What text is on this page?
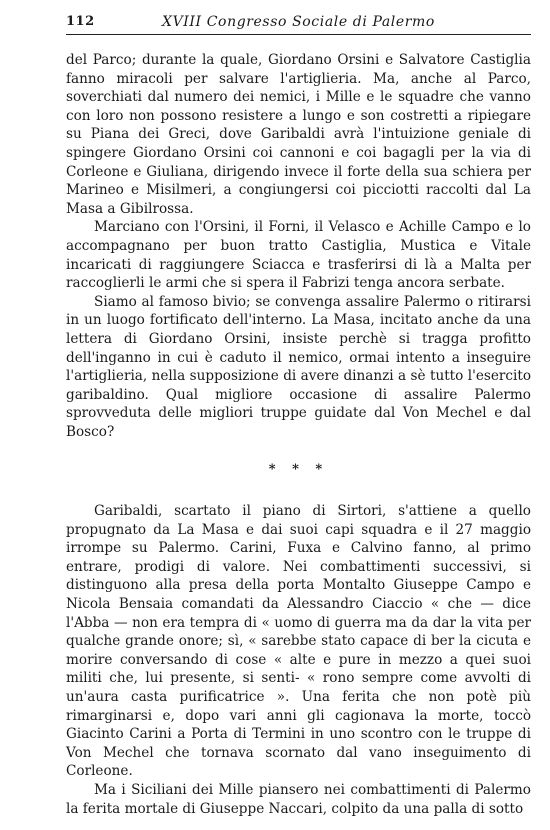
112	XVIII Congresso Sociale di Palermo

del Parco; durante la quale, Giordano Orsini e Salvatore Castiglia fanno miracoli per salvare l'artiglieria. Ma, anche al Parco, soverchiati dal numero dei nemici, i Mille e le squadre che vanno con loro non possono resistere a lungo e son costretti a ripiegare su Piana dei Greci, dove Garibaldi avrà l'intuizione geniale di spingere Giordano Orsini coi cannoni e coi bagagli per la via di Corleone e Giuliana, dirigendo invece il forte della sua schiera per Marineo e Misilmeri, a congiungersi coi picciotti raccolti dal La Masa a Gibilrossa.

Marciano con l'Orsini, il Forni, il Velasco e Achille Campo e lo accompagnano per buon tratto Castiglia, Mustica e Vitale incaricati di raggiungere Sciacca e trasferirsi di là a Malta per raccoglierli le armi che si spera il Fabrizi tenga ancora serbate.

Siamo al famoso bivio; se convenga assalire Palermo o ritirarsi in un luogo fortificato dell'interno. La Masa, incitato anche da una lettera di Giordano Orsini, insiste perchè si tragga profitto dell'inganno in cui è caduto il nemico, ormai intento a inseguire l'artiglieria, nella supposizione di avere dinanzi a sè tutto l'esercito garibaldino. Qual migliore occasione di assalire Palermo sprovveduta delle migliori truppe guidate dal Von Mechel e dal Bosco?

* * *

Garibaldi, scartato il piano di Sirtori, s'attiene a quello propugnato da La Masa e dai suoi capi squadra e il 27 maggio irrompe su Palermo. Carini, Fuxa e Calvino fanno, al primo entrare, prodigi di valore. Nei combattimenti successivi, si distinguono alla presa della porta Montalto Giuseppe Campo e Nicola Bensaia comandati da Alessandro Ciaccio « che — dice l'Abba — non era tempra di « uomo di guerra ma da dar la vita per qualche grande onore; sì, « sarebbe stato capace di ber la cicuta e morire conversando di cose « alte e pure in mezzo a quei suoi militi che, lui presente, si senti- « rono sempre come avvolti di un'aura casta purificatrice ». Una ferita che non potè più rimarginarsi e, dopo vari anni gli cagionava la morte, toccò Giacinto Carini a Porta di Termini in uno scontro con le truppe di Von Mechel che tornava scornato dal vano inseguimento di Corleone.

Ma i Siciliani dei Mille piansero nei combattimenti di Palermo la ferita mortale di Giuseppe Naccari, colpito da una palla di sotto
